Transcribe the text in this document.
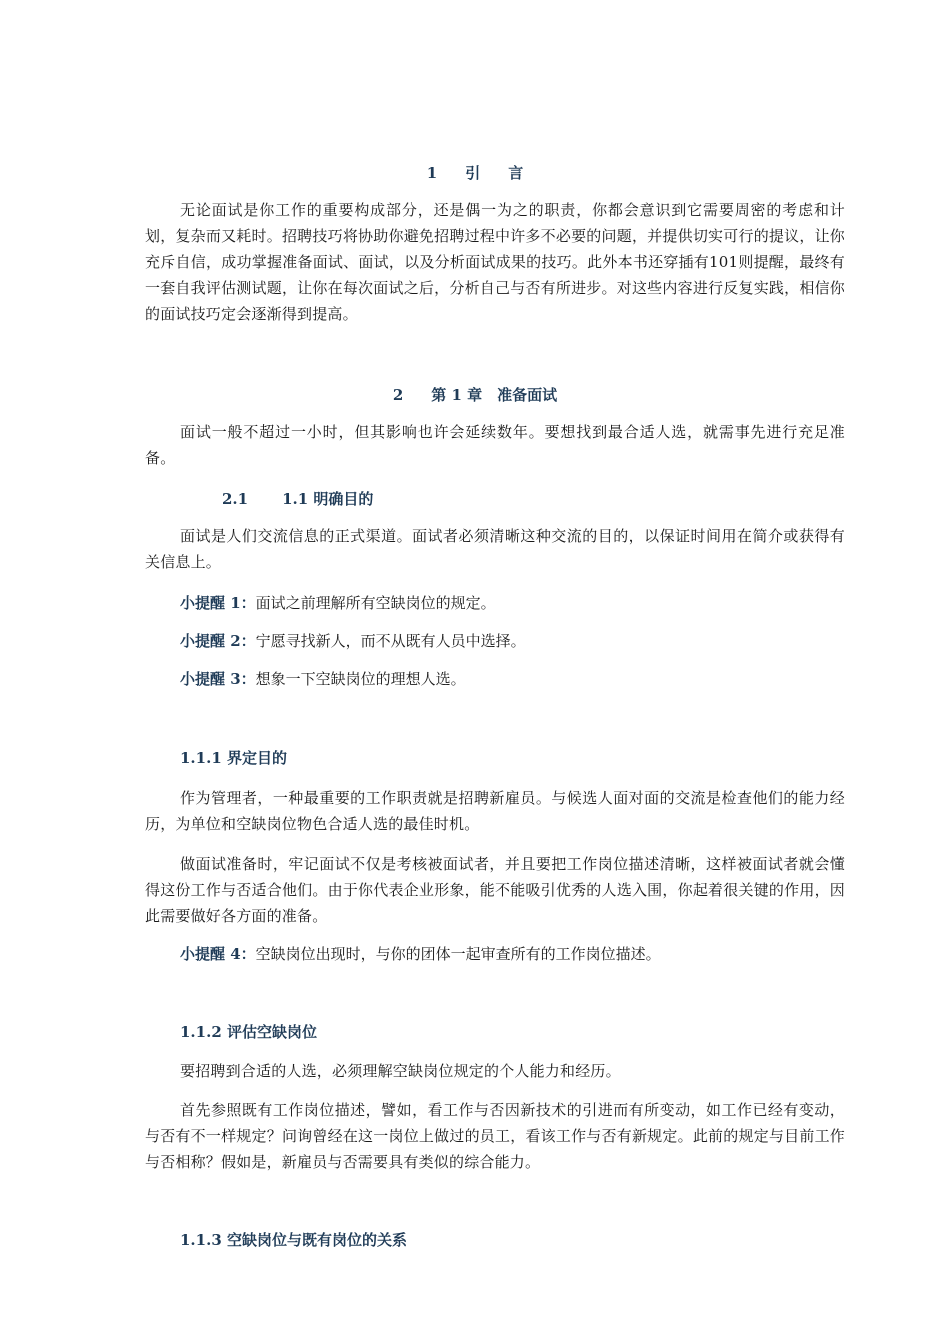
1 引 言

无论面试是你工作的重要构成部分，还是偶一为之的职责，你都会意识到它需要周密的考虑和计划，复杂而又耗时。招聘技巧将协助你避免招聘过程中许多不必要的问题，并提供切实可行的提议，让你充斥自信，成功掌握准备面试、面试，以及分析面试成果的技巧。此外本书还穿插有101则提醒，最终有一套自我评估测试题，让你在每次面试之后，分析自己与否有所进步。对这些内容进行反复实践，相信你的面试技巧定会逐渐得到提高。

2 第 1 章　准备面试

面试一般不超过一小时，但其影响也许会延续数年。要想找到最合适人选，就需事先进行充足准备。

2.1 1.1 明确目的

面试是人们交流信息的正式渠道。面试者必须清晰这种交流的目的，以保证时间用在简介或获得有关信息上。

小提醒 1：面试之前理解所有空缺岗位的规定。
小提醒 2：宁愿寻找新人，而不从既有人员中选择。
小提醒 3：想象一下空缺岗位的理想人选。
1.1.1 界定目的

作为管理者，一种最重要的工作职责就是招聘新雇员。与候选人面对面的交流是检查他们的能力经历，为单位和空缺岗位物色合适人选的最佳时机。

做面试准备时，牢记面试不仅是考核被面试者，并且要把工作岗位描述清晰，这样被面试者就会懂得这份工作与否适合他们。由于你代表企业形象，能不能吸引优秀的人选入围，你起着很关键的作用，因此需要做好各方面的准备。

小提醒 4：空缺岗位出现时，与你的团体一起审查所有的工作岗位描述。
1.1.2 评估空缺岗位

要招聘到合适的人选，必须理解空缺岗位规定的个人能力和经历。

首先参照既有工作岗位描述，譬如，看工作与否因新技术的引进而有所变动，如工作已经有变动，与否有不一样规定？问询曾经在这一岗位上做过的员工，看该工作与否有新规定。此前的规定与目前工作与否相称？假如是，新雇员与否需要具有类似的综合能力。

1.1.3 空缺岗位与既有岗位的关系
